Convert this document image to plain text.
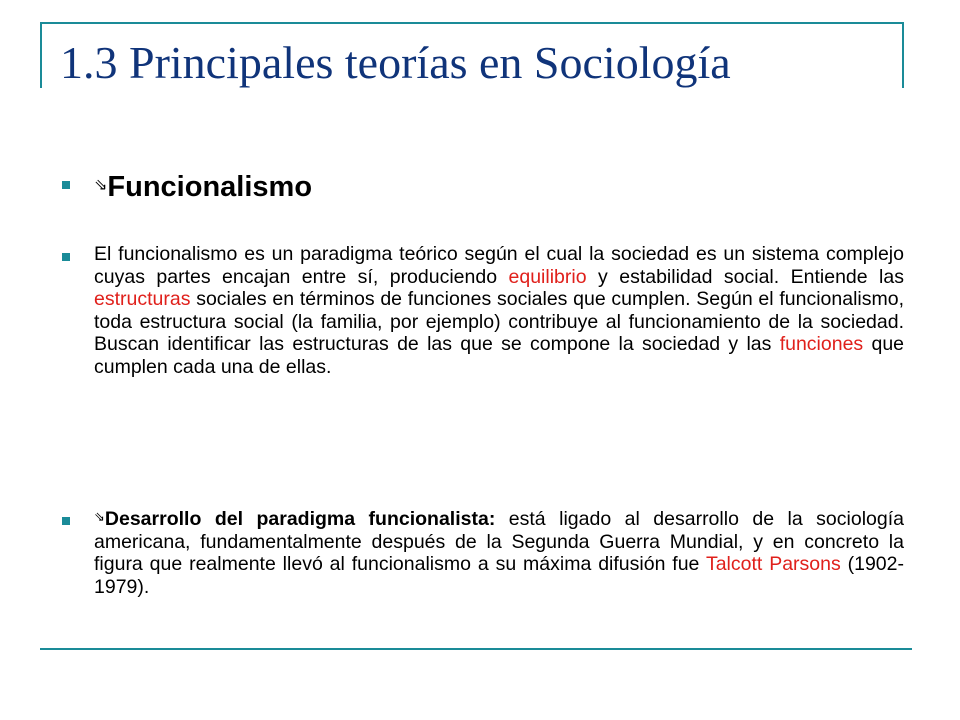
1.3 Principales teorías en Sociología
⇘Funcionalismo

El funcionalismo es un paradigma teórico según el cual la sociedad es un sistema complejo cuyas partes encajan entre sí, produciendo equilibrio y estabilidad social. Entiende las estructuras sociales en términos de funciones sociales que cumplen. Según el funcionalismo, toda estructura social (la familia, por ejemplo) contribuye al funcionamiento de la sociedad. Buscan identificar las estructuras de las que se compone la sociedad y las funciones que cumplen cada una de ellas.

⇘Desarrollo del paradigma funcionalista: está ligado al desarrollo de la sociología americana, fundamentalmente después de la Segunda Guerra Mundial, y en concreto la figura que realmente llevó al funcionalismo a su máxima difusión fue Talcott Parsons (1902-1979).
